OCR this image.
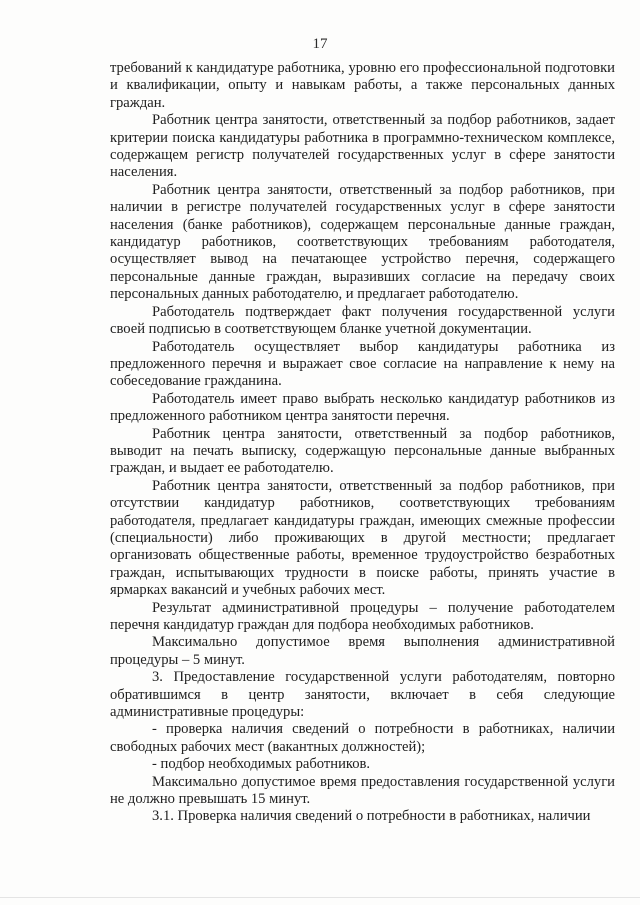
17

требований к кандидатуре работника, уровню его профессиональной подготовки и квалификации, опыту и навыкам работы, а также персональных данных граждан.

Работник центра занятости, ответственный за подбор работников, задает критерии поиска кандидатуры работника в программно-техническом комплексе, содержащем регистр получателей государственных услуг в сфере занятости населения.

Работник центра занятости, ответственный за подбор работников, при наличии в регистре получателей государственных услуг в сфере занятости населения (банке работников), содержащем персональные данные граждан, кандидатур работников, соответствующих требованиям работодателя, осуществляет вывод на печатающее устройство перечня, содержащего персональные данные граждан, выразивших согласие на передачу своих персональных данных работодателю, и предлагает работодателю.

Работодатель подтверждает факт получения государственной услуги своей подписью в соответствующем бланке учетной документации.

Работодатель осуществляет выбор кандидатуры работника из предложенного перечня и выражает свое согласие на направление к нему на собеседование гражданина.

Работодатель имеет право выбрать несколько кандидатур работников из предложенного работником центра занятости перечня.

Работник центра занятости, ответственный за подбор работников, выводит на печать выписку, содержащую персональные данные выбранных граждан, и выдает ее работодателю.

Работник центра занятости, ответственный за подбор работников, при отсутствии кандидатур работников, соответствующих требованиям работодателя, предлагает кандидатуры граждан, имеющих смежные профессии (специальности) либо проживающих в другой местности; предлагает организовать общественные работы, временное трудоустройство безработных граждан, испытывающих трудности в поиске работы, принять участие в ярмарках вакансий и учебных рабочих мест.

Результат административной процедуры – получение работодателем перечня кандидатур граждан для подбора необходимых работников.

Максимально допустимое время выполнения административной процедуры – 5 минут.

3. Предоставление государственной услуги работодателям, повторно обратившимся в центр занятости, включает в себя следующие административные процедуры:

- проверка наличия сведений о потребности в работниках, наличии свободных рабочих мест (вакантных должностей);

- подбор необходимых работников.

Максимально допустимое время предоставления государственной услуги не должно превышать 15 минут.

3.1. Проверка наличия сведений о потребности в работниках, наличии
